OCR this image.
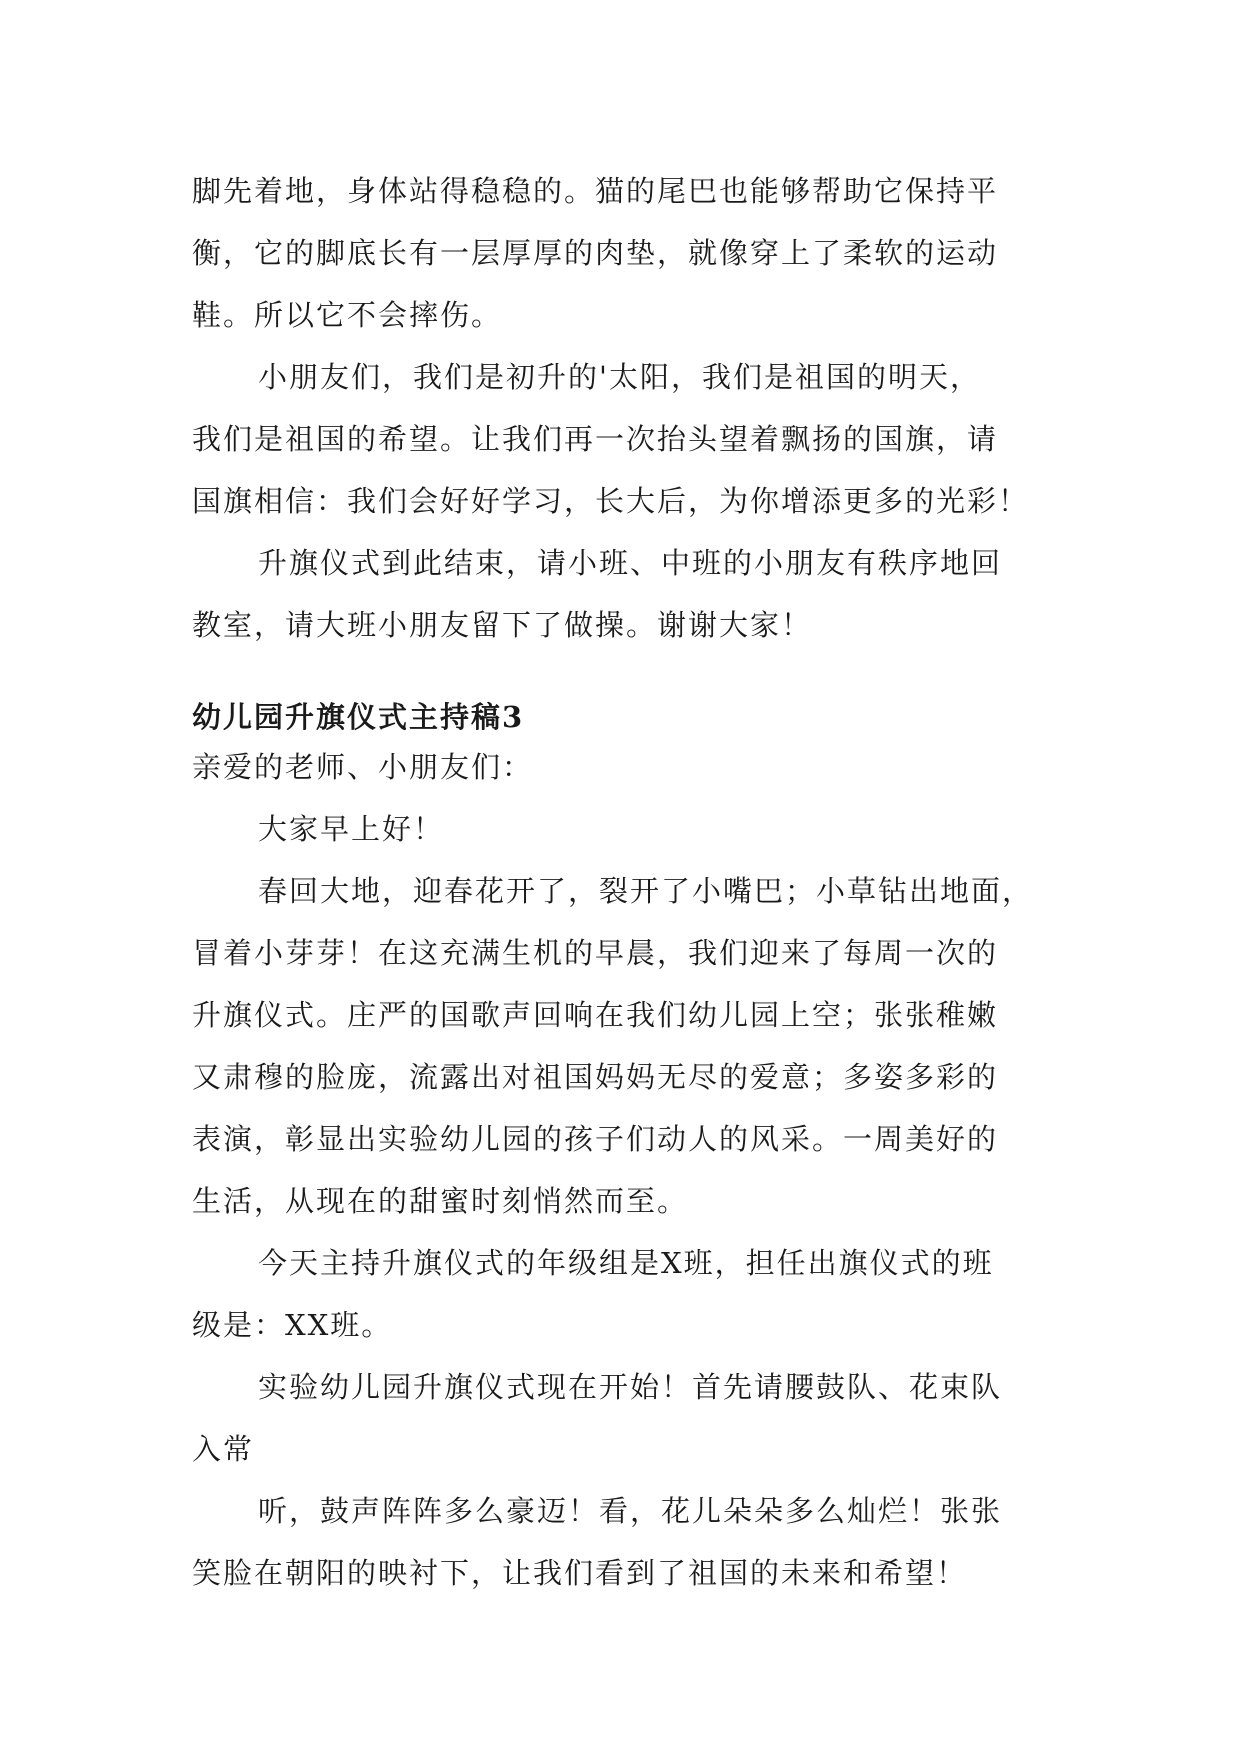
脚先着地，身体站得稳稳的。猫的尾巴也能够帮助它保持平
衡，它的脚底长有一层厚厚的肉垫，就像穿上了柔软的运动
鞋。所以它不会摔伤。

小朋友们，我们是初升的'太阳，我们是祖国的明天，
我们是祖国的希望。让我们再一次抬头望着飘扬的国旗，请
国旗相信：我们会好好学习，长大后，为你增添更多的光彩！

升旗仪式到此结束，请小班、中班的小朋友有秩序地回
教室，请大班小朋友留下了做操。谢谢大家！

幼儿园升旗仪式主持稿3

亲爱的老师、小朋友们：

大家早上好！

春回大地，迎春花开了，裂开了小嘴巴；小草钻出地面，
冒着小芽芽！在这充满生机的早晨，我们迎来了每周一次的
升旗仪式。庄严的国歌声回响在我们幼儿园上空；张张稚嫩
又肃穆的脸庞，流露出对祖国妈妈无尽的爱意；多姿多彩的
表演，彰显出实验幼儿园的孩子们动人的风采。一周美好的
生活，从现在的甜蜜时刻悄然而至。

今天主持升旗仪式的年级组是X班，担任出旗仪式的班
级是：XX班。

实验幼儿园升旗仪式现在开始！首先请腰鼓队、花束队
入常

听，鼓声阵阵多么豪迈！看，花儿朵朵多么灿烂！张张
笑脸在朝阳的映衬下，让我们看到了祖国的未来和希望！
